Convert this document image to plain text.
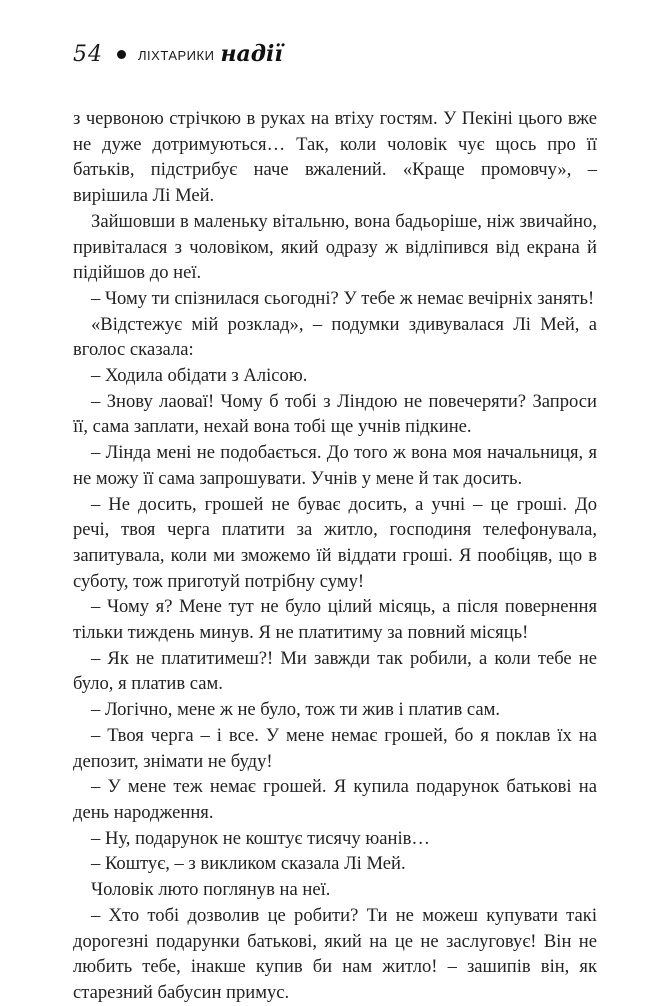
54	ЛІХТАРИКИ надії

з червоною стрічкою в руках на втіху гостям. У Пекіні цього вже не дуже дотримуються… Так, коли чоловік чує щось про її батьків, підстрибує наче вжалений. «Краще промовчу», – вирішила Лі Мей.

Зайшовши в маленьку вітальню, вона бадьоріше, ніж звичайно, привіталася з чоловіком, який одразу ж відліпився від екрана й підійшов до неї.

– Чому ти спізнилася сьогодні? У тебе ж немає вечірніх занять!

«Відстежує мій розклад», – подумки здивувалася Лі Мей, а вголос сказала:

– Ходила обідати з Алісою.

– Знову лаоваї! Чому б тобі з Ліндою не повечеряти? Запроси її, сама заплати, нехай вона тобі ще учнів підкине.

– Лінда мені не подобається. До того ж вона моя начальниця, я не можу її сама запрошувати. Учнів у мене й так досить.

– Не досить, грошей не буває досить, а учні – це гроші. До речі, твоя черга платити за житло, господиня телефонувала, запитувала, коли ми зможемо їй віддати гроші. Я пообіцяв, що в суботу, тож приготуй потрібну суму!

– Чому я? Мене тут не було цілий місяць, а після повернення тільки тиждень минув. Я не платитиму за повний місяць!

– Як не платитимеш?! Ми завжди так робили, а коли тебе не було, я платив сам.

– Логічно, мене ж не було, тож ти жив і платив сам.

– Твоя черга – і все. У мене немає грошей, бо я поклав їх на депозит, знімати не буду!

– У мене теж немає грошей. Я купила подарунок батькові на день народження.

– Ну, подарунок не коштує тисячу юанів…

– Коштує, – з викликом сказала Лі Мей.

Чоловік люто поглянув на неї.

– Хто тобі дозволив це робити? Ти не можеш купувати такі дорогезні подарунки батькові, який на це не заслуговує! Він не любить тебе, інакше купив би нам житло! – зашипів він, як старезний бабусин примус.
